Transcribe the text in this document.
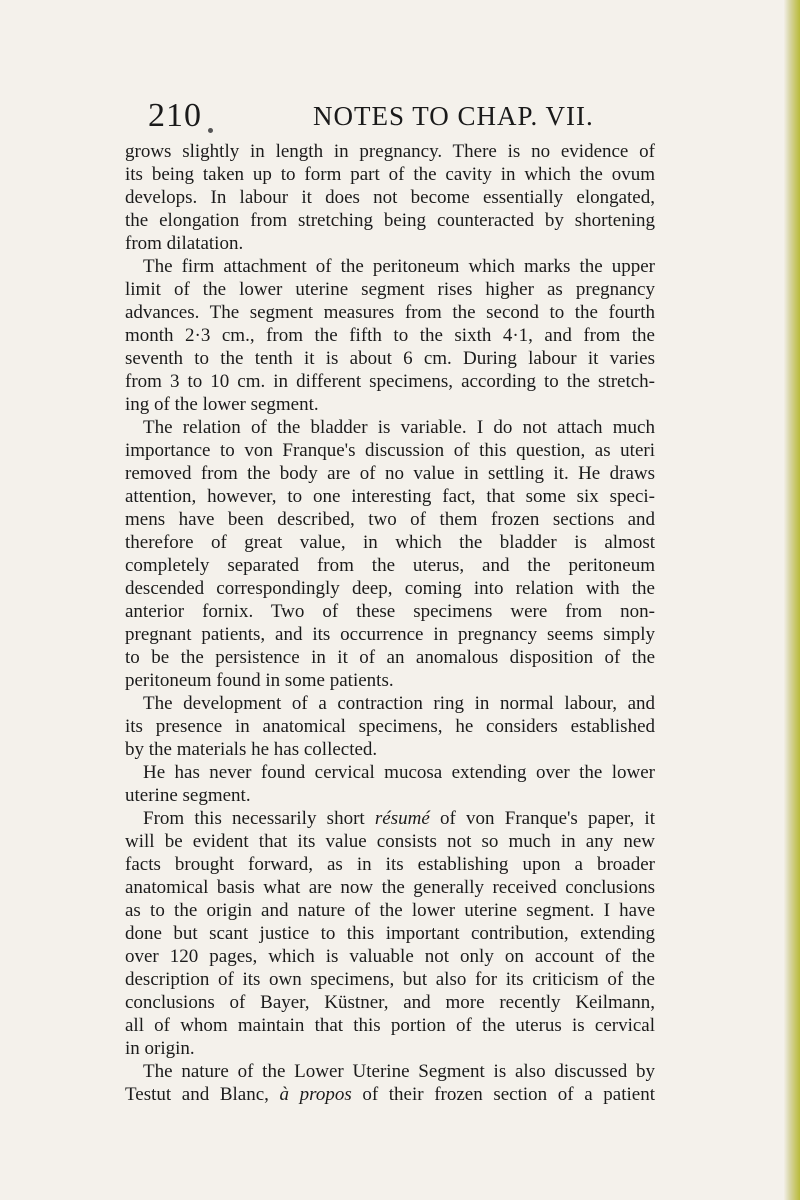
210	NOTES TO CHAP. VII.
grows slightly in length in pregnancy. There is no evidence of
its being taken up to form part of the cavity in which the ovum
develops. In labour it does not become essentially elongated,
the elongation from stretching being counteracted by shortening
from dilatation.
The firm attachment of the peritoneum which marks the upper
limit of the lower uterine segment rises higher as pregnancy
advances. The segment measures from the second to the fourth
month 2·3 cm., from the fifth to the sixth 4·1, and from the
seventh to the tenth it is about 6 cm. During labour it varies
from 3 to 10 cm. in different specimens, according to the stretch-
ing of the lower segment.
The relation of the bladder is variable. I do not attach much
importance to von Franque's discussion of this question, as uteri
removed from the body are of no value in settling it. He draws
attention, however, to one interesting fact, that some six speci-
mens have been described, two of them frozen sections and
therefore of great value, in which the bladder is almost
completely separated from the uterus, and the peritoneum
descended correspondingly deep, coming into relation with the
anterior fornix. Two of these specimens were from non-
pregnant patients, and its occurrence in pregnancy seems simply
to be the persistence in it of an anomalous disposition of the
peritoneum found in some patients.
The development of a contraction ring in normal labour, and
its presence in anatomical specimens, he considers established
by the materials he has collected.
He has never found cervical mucosa extending over the lower
uterine segment.
From this necessarily short résumé of von Franque's paper, it
will be evident that its value consists not so much in any new
facts brought forward, as in its establishing upon a broader
anatomical basis what are now the generally received conclusions
as to the origin and nature of the lower uterine segment. I have
done but scant justice to this important contribution, extending
over 120 pages, which is valuable not only on account of the
description of its own specimens, but also for its criticism of the
conclusions of Bayer, Küstner, and more recently Keilmann,
all of whom maintain that this portion of the uterus is cervical
in origin.
The nature of the Lower Uterine Segment is also discussed by
Testut and Blanc, à propos of their frozen section of a patient
